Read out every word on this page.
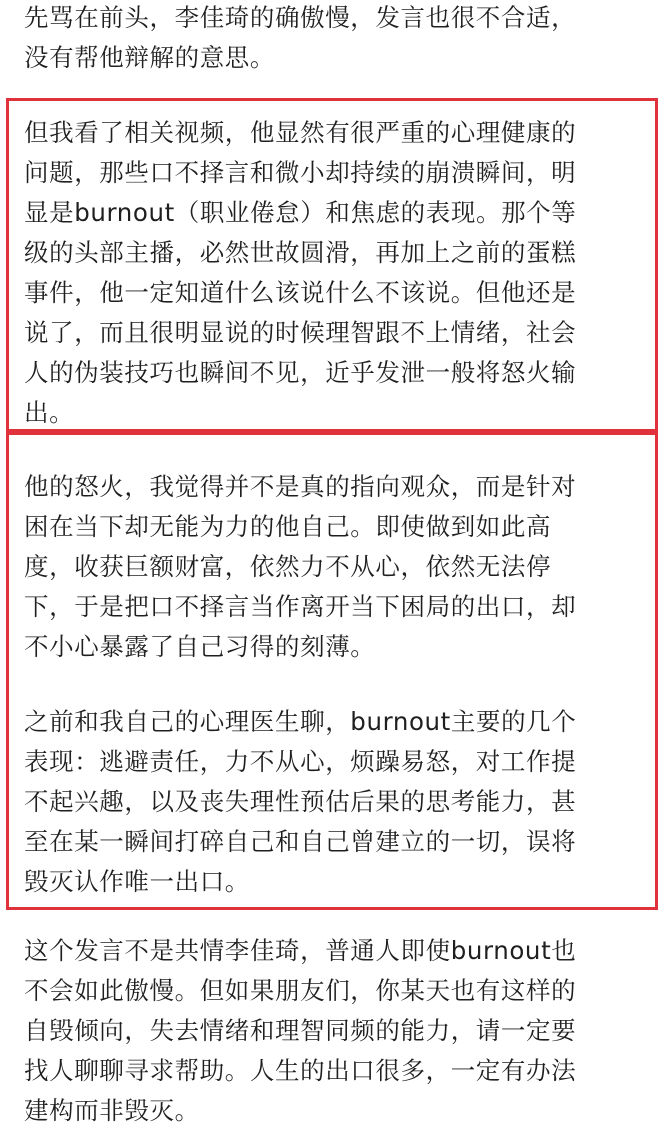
先骂在前头，李佳琦的确傲慢，发言也很不合适，
没有帮他辩解的意思。

但我看了相关视频，他显然有很严重的心理健康的
问题，那些口不择言和微小却持续的崩溃瞬间，明
显是burnout（职业倦怠）和焦虑的表现。那个等
级的头部主播，必然世故圆滑，再加上之前的蛋糕
事件，他一定知道什么该说什么不该说。但他还是
说了，而且很明显说的时候理智跟不上情绪，社会
人的伪装技巧也瞬间不见，近乎发泄一般将怒火输
出。

他的怒火，我觉得并不是真的指向观众，而是针对
困在当下却无能为力的他自己。即使做到如此高
度，收获巨额财富，依然力不从心，依然无法停
下，于是把口不择言当作离开当下困局的出口，却
不小心暴露了自己习得的刻薄。

之前和我自己的心理医生聊，burnout主要的几个
表现：逃避责任，力不从心，烦躁易怒，对工作提
不起兴趣，以及丧失理性预估后果的思考能力，甚
至在某一瞬间打碎自己和自己曾建立的一切，误将
毁灭认作唯一出口。

这个发言不是共情李佳琦，普通人即使burnout也
不会如此傲慢。但如果朋友们，你某天也有这样的
自毁倾向，失去情绪和理智同频的能力，请一定要
找人聊聊寻求帮助。人生的出口很多，一定有办法
建构而非毁灭。
